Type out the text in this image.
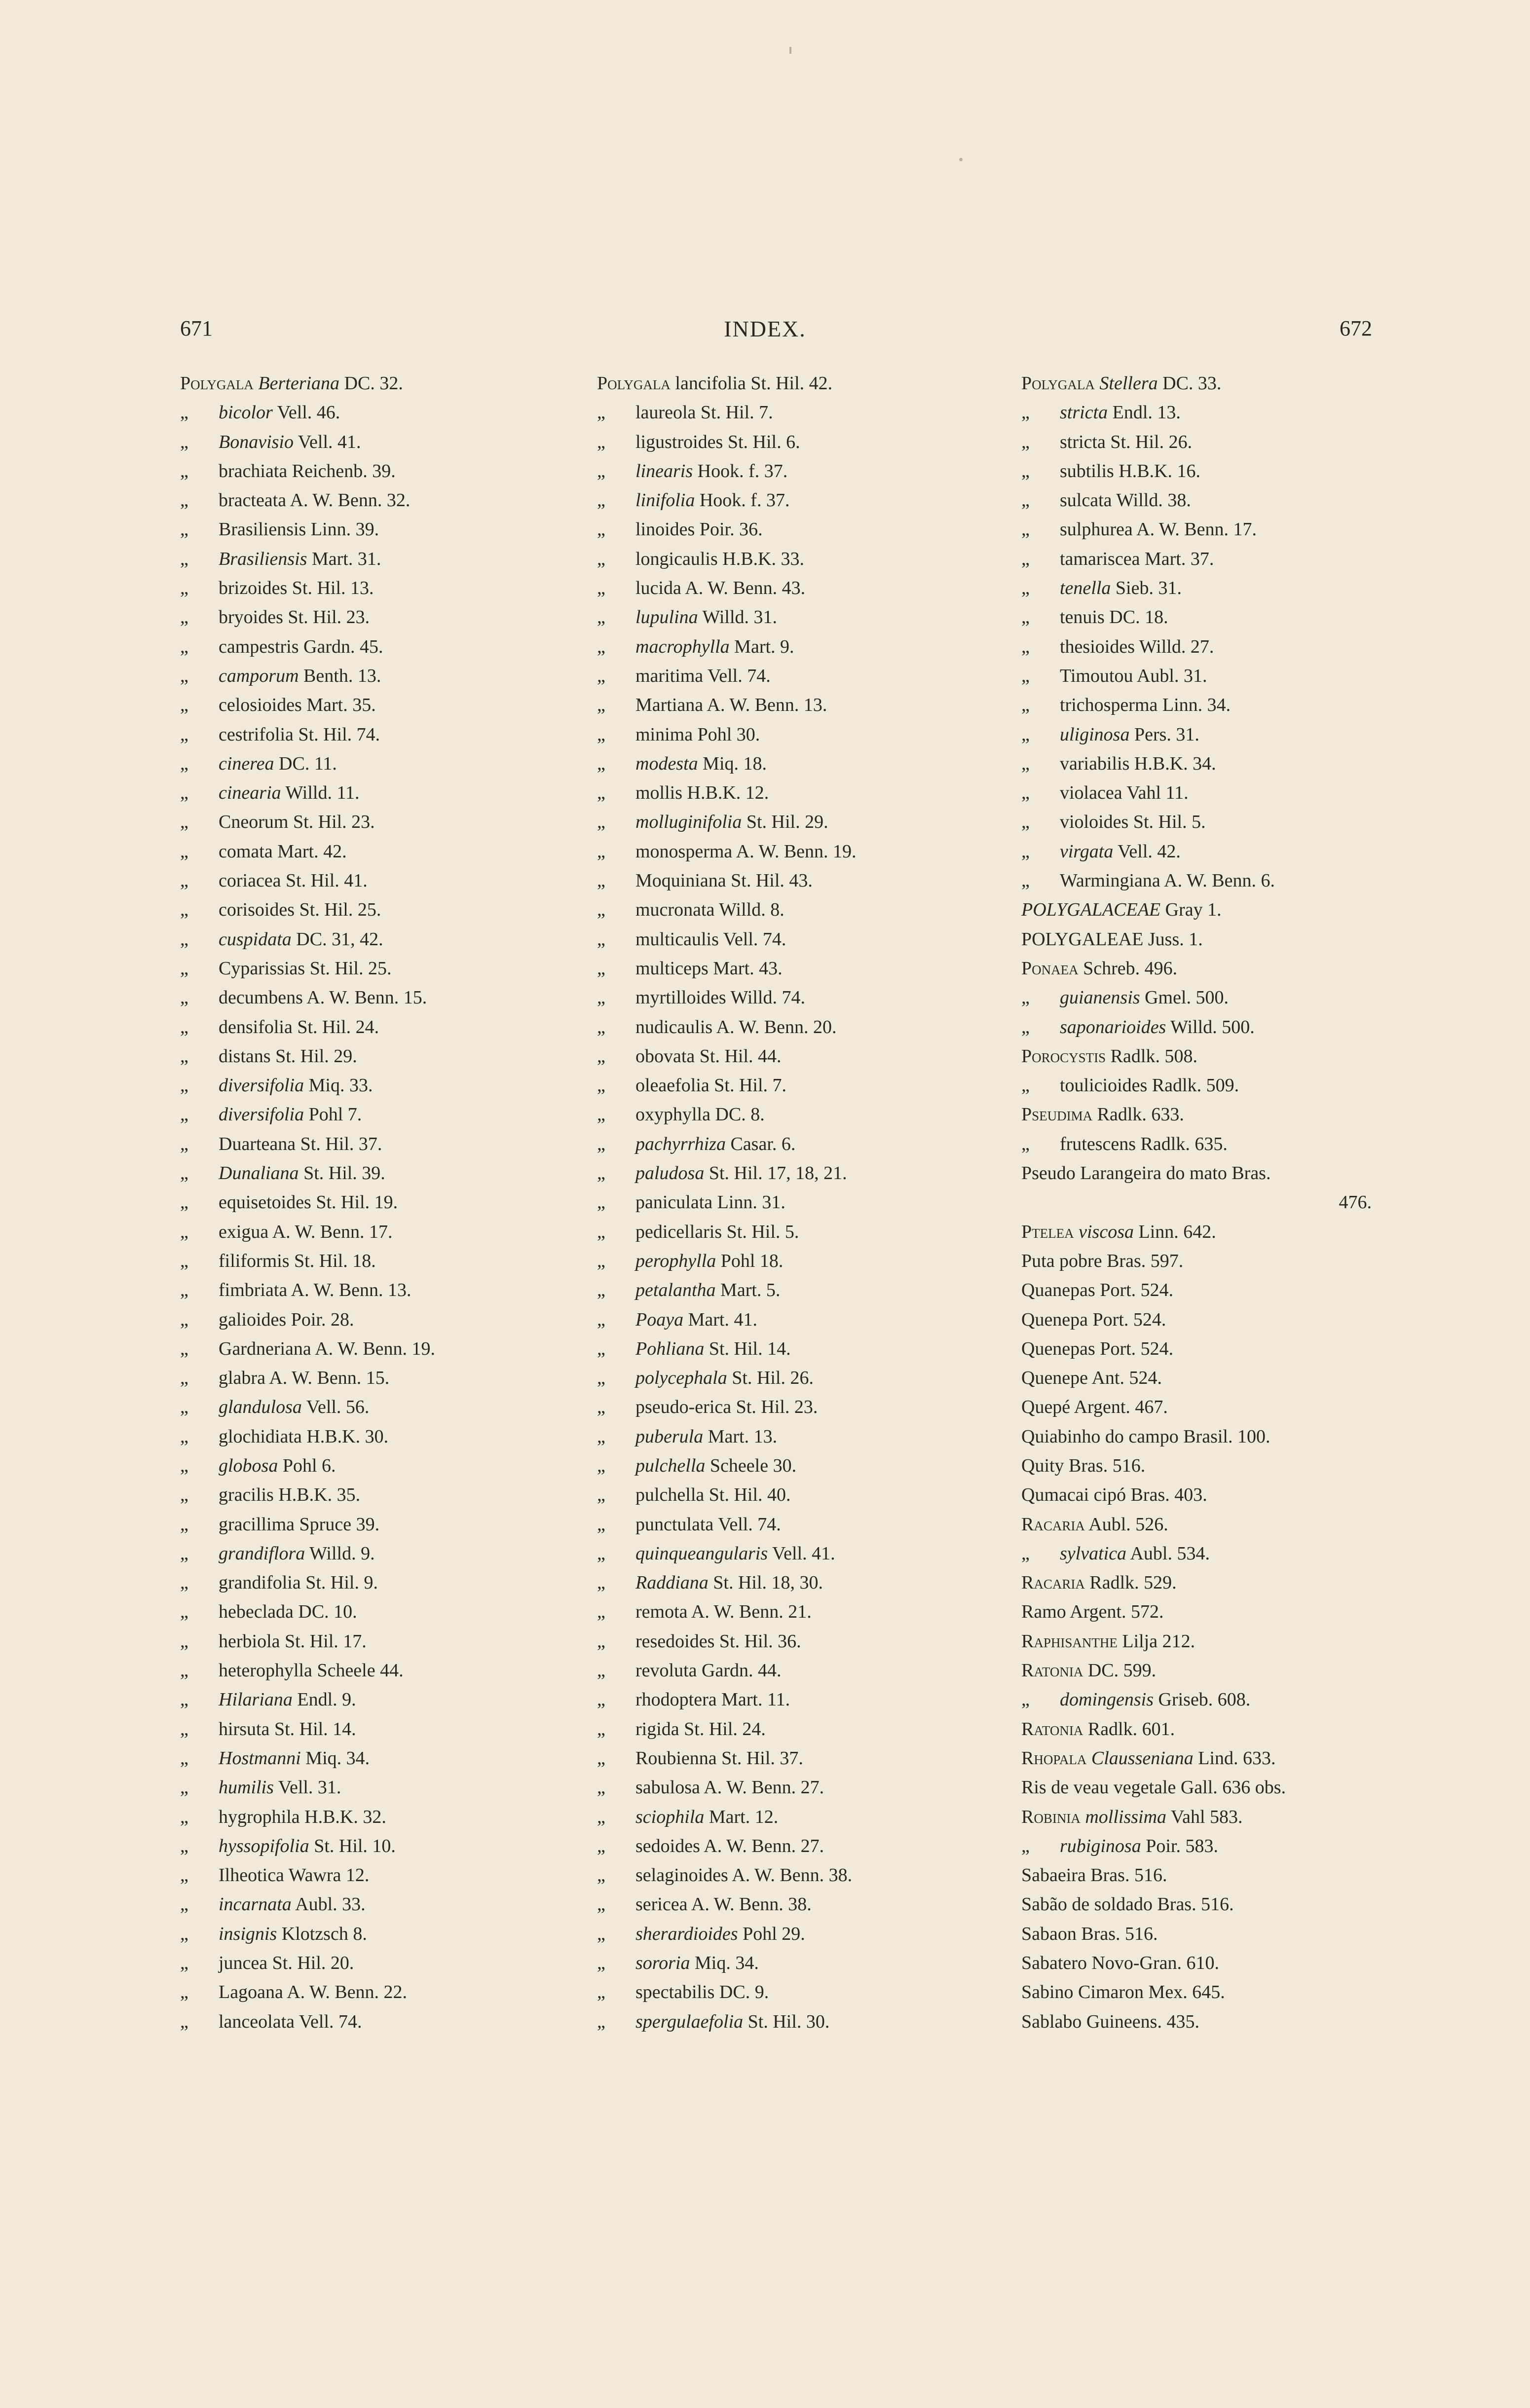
671	INDEX.	672
Polygala Berteriana DC. 32.
„ bicolor Vell. 46.
„ Bonavisio Vell. 41.
„ brachiata Reichenb. 39.
„ bracteata A. W. Benn. 32.
„ Brasiliensis Linn. 39.
„ Brasiliensis Mart. 31.
„ brizoides St. Hil. 13.
„ bryoides St. Hil. 23.
„ campestris Gardn. 45.
„ camporum Benth. 13.
„ celosioides Mart. 35.
„ cestrifolia St. Hil. 74.
„ cinerea DC. 11.
„ cinearia Willd. 11.
„ Cneorum St. Hil. 23.
„ comata Mart. 42.
„ coriacea St. Hil. 41.
„ corisoides St. Hil. 25.
„ cuspidata DC. 31, 42.
„ Cyparissias St. Hil. 25.
„ decumbens A. W. Benn. 15.
„ densifolia St. Hil. 24.
„ distans St. Hil. 29.
„ diversifolia Miq. 33.
„ diversifolia Pohl 7.
„ Duarteana St. Hil. 37.
„ Dunaliana St. Hil. 39.
„ equisetoides St. Hil. 19.
„ exigua A. W. Benn. 17.
„ filiformis St. Hil. 18.
„ fimbriata A. W. Benn. 13.
„ galioides Poir. 28.
„ Gardneriana A. W. Benn. 19.
„ glabra A. W. Benn. 15.
„ glandulosa Vell. 56.
„ glochidiata H.B.K. 30.
„ globosa Pohl 6.
„ gracilis H.B.K. 35.
„ gracillima Spruce 39.
„ grandiflora Willd. 9.
„ grandifolia St. Hil. 9.
„ hebeclada DC. 10.
„ herbiola St. Hil. 17.
„ heterophylla Scheele 44.
„ Hilariana Endl. 9.
„ hirsuta St. Hil. 14.
„ Hostmanni Miq. 34.
„ humilis Vell. 31.
„ hygrophila H.B.K. 32.
„ hyssopifolia St. Hil. 10.
„ Ilheotica Wawra 12.
„ incarnata Aubl. 33.
„ insignis Klotzsch 8.
„ juncea St. Hil. 20.
„ Lagoana A. W. Benn. 22.
„ lanceolata Vell. 74.
Polygala lancifolia St. Hil. 42.
„ laureola St. Hil. 7.
„ ligustroides St. Hil. 6.
„ linearis Hook. f. 37.
„ linifolia Hook. f. 37.
„ linoides Poir. 36.
„ longicaulis H.B.K. 33.
„ lucida A. W. Benn. 43.
„ lupulina Willd. 31.
„ macrophylla Mart. 9.
„ maritima Vell. 74.
„ Martiana A. W. Benn. 13.
„ minima Pohl 30.
„ modesta Miq. 18.
„ mollis H.B.K. 12.
„ molluginifolia St. Hil. 29.
„ monosperma A. W. Benn. 19.
„ Moquiniana St. Hil. 43.
„ mucronata Willd. 8.
„ multicaulis Vell. 74.
„ multiceps Mart. 43.
„ myrtilloides Willd. 74.
„ nudicaulis A. W. Benn. 20.
„ obovata St. Hil. 44.
„ oleaefolia St. Hil. 7.
„ oxyphylla DC. 8.
„ pachyrrhiza Casar. 6.
„ paludosa St. Hil. 17, 18, 21.
„ paniculata Linn. 31.
„ pedicellaris St. Hil. 5.
„ perophylla Pohl 18.
„ petalantha Mart. 5.
„ Poaya Mart. 41.
„ Pohliana St. Hil. 14.
„ polycephala St. Hil. 26.
„ pseudo-erica St. Hil. 23.
„ puberula Mart. 13.
„ pulchella Scheele 30.
„ pulchella St. Hil. 40.
„ punctulata Vell. 74.
„ quinqueangularis Vell. 41.
„ Raddiana St. Hil. 18, 30.
„ remota A. W. Benn. 21.
„ resedoides St. Hil. 36.
„ revoluta Gardn. 44.
„ rhodoptera Mart. 11.
„ rigida St. Hil. 24.
„ Roubienna St. Hil. 37.
„ sabulosa A. W. Benn. 27.
„ sciophila Mart. 12.
„ sedoides A. W. Benn. 27.
„ selaginoides A. W. Benn. 38.
„ sericea A. W. Benn. 38.
„ sherardioides Pohl 29.
„ sororia Miq. 34.
„ spectabilis DC. 9.
„ spergulaefolia St. Hil. 30.
Polygala Stellera DC. 33.
„ stricta Endl. 13.
„ stricta St. Hil. 26.
„ subtilis H.B.K. 16.
„ sulcata Willd. 38.
„ sulphurea A. W. Benn. 17.
„ tamariscea Mart. 37.
„ tenella Sieb. 31.
„ tenuis DC. 18.
„ thesioides Willd. 27.
„ Timoutou Aubl. 31.
„ trichosperma Linn. 34.
„ uliginosa Pers. 31.
„ variabilis H.B.K. 34.
„ violacea Vahl 11.
„ violoides St. Hil. 5.
„ virgata Vell. 42.
„ Warmingiana A. W. Benn. 6.
POLYGALACEAE Gray 1.
POLYGALEAE Juss. 1.
Ponaea Schreb. 496.
„ guianensis Gmel. 500.
„ saponarioides Willd. 500.
Porocystis Radlk. 508.
„ toulicioides Radlk. 509.
Pseudima Radlk. 633.
„ frutescens Radlk. 635.
Pseudo Larangeira do mato Bras.
476.
Ptelea viscosa Linn. 642.
Puta pobre Bras. 597.
Quanepas Port. 524.
Quenepa Port. 524.
Quenepas Port. 524.
Quenepe Ant. 524.
Quepé Argent. 467.
Quiabinho do campo Brasil. 100.
Quity Bras. 516.
Qumacai cipó Bras. 403.
Racaria Aubl. 526.
„ sylvatica Aubl. 534.
Racaria Radlk. 529.
Ramo Argent. 572.
Raphisanthe Lilja 212.
Ratonia DC. 599.
„ domingensis Griseb. 608.
Ratonia Radlk. 601.
Rhopala Clausseniana Lind. 633.
Ris de veau vegetale Gall. 636 obs.
Robinia mollissima Vahl 583.
„ rubiginosa Poir. 583.
Sabaeira Bras. 516.
Sabão de soldado Bras. 516.
Sabaon Bras. 516.
Sabatero Novo-Gran. 610.
Sabino Cimaron Mex. 645.
Sablabo Guineens. 435.
